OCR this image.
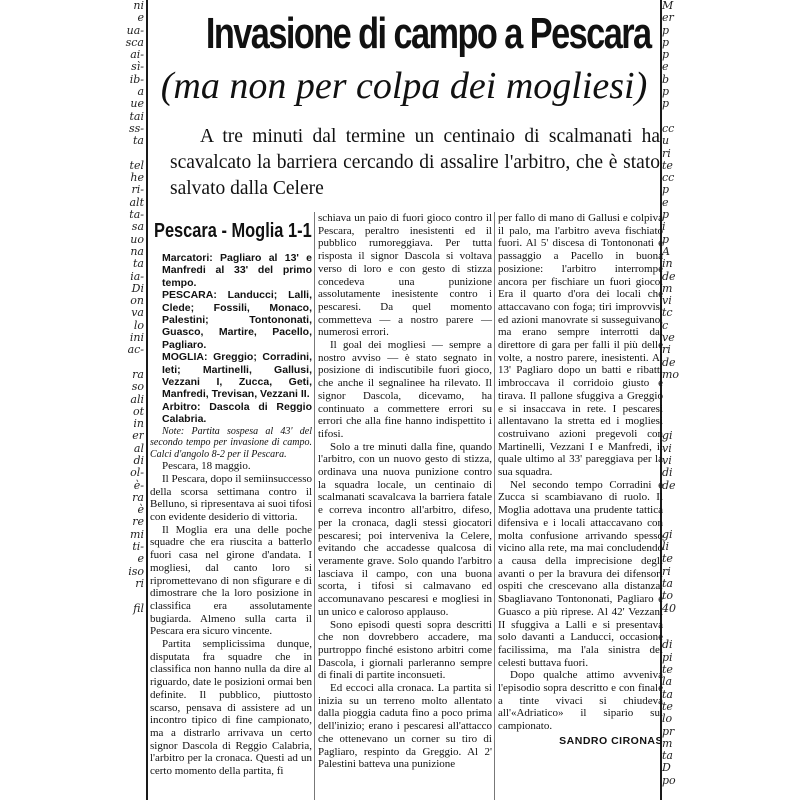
ni
e
ua-
sca
ai-
sì-
ib-
a
ue
tai
ss-
ta

tel
he
ri-
alt
ta-
sa
uo
na
ta
ia-
Di
on
va
lo
ini
ac-

ra
so
ali
ot
in
er
al
di
ol-
è-
ra
è
re
mi
ti-
e
iso
ri

fil
M
er
p
p
p
e
b
p
p

cc
u
ri
te
cc
p
e
p
i
p
A
in
de
m
vi
tc
c
ve
ri
de
mo

gi
vi
vi
di
de

gi
li
te
ri
ta
to
40

di
pi
te
la
ta
te
lo
pr
m
ta
D
po
Invasione di campo a Pescara
(ma non per colpa dei mogliesi)
A tre minuti dal termine un centinaio di scalmanati ha scavalcato la barriera cercando di assalire l'arbitro, che è stato salvato dalla Celere
Pescara - Moglia 1-1

Marcatori: Pagliaro al 13' e Manfredi al 33' del primo tempo.

PESCARA: Landucci; Lalli, Clede; Fossili, Monaco, Palestini; Tontononati, Guasco, Martire, Pacello, Pagliaro.

MOGLIA: Greggio; Corradini, Ieti; Martinelli, Gallusi, Vezzani I, Zucca, Geti, Manfredi, Trevisan, Vezzani II.

Arbitro: Dascola di Reggio Calabria.

Note: Partita sospesa al 43' del secondo tempo per invasione di campo. Calci d'angolo 8-2 per il Pescara.

Pescara, 18 maggio.

Il Pescara, dopo il semiinsuccesso della scorsa settimana contro il Belluno, si ripresentava ai suoi tifosi con evidente desiderio di vittoria.

Il Moglia era una delle poche squadre che era riuscita a batterlo fuori casa nel girone d'andata. I mogliesi, dal canto loro si ripromettevano di non sfigurare e di dimostrare che la loro posizione in classifica era assolutamente bugiarda. Almeno sulla carta il Pescara era sicuro vincente.

Partita semplicissima dunque, disputata fra squadre che in classifica non hanno nulla da dire al riguardo, date le posizioni ormai ben definite. Il pubblico, piuttosto scarso, pensava di assistere ad un incontro tipico di fine campionato, ma a distrarlo arrivava un certo signor Dascola di Reggio Calabria, l'arbitro per la cronaca. Questi ad un certo momento della partita, fi

schiava un paio di fuori gioco contro il Pescara, peraltro inesistenti ed il pubblico rumoreggiava. Per tutta risposta il signor Dascola si voltava verso di loro e con gesto di stizza concedeva una punizione assolutamente inesistente contro i pescaresi. Da quel momento commetteva — a nostro parere — numerosi errori.

Il goal dei mogliesi — sempre a nostro avviso — è stato segnato in posizione di indiscutibile fuori gioco, che anche il segnalinee ha rilevato. Il signor Dascola, dicevamo, ha continuato a commettere errori su errori che alla fine hanno indispettito i tifosi.

Solo a tre minuti dalla fine, quando l'arbitro, con un nuovo gesto di stizza, ordinava una nuova punizione contro la squadra locale, un centinaio di scalmanati scavalcava la barriera fatale e correva incontro all'arbitro, difeso, per la cronaca, dagli stessi giocatori pescaresi; poi interveniva la Celere, evitando che accadesse qualcosa di veramente grave. Solo quando l'arbitro lasciava il campo, con una buona scorta, i tifosi si calmavano ed accomunavano pescaresi e mogliesi in un unico e caloroso applauso.

Sono episodi questi sopra descritti che non dovrebbero accadere, ma purtroppo finché esistono arbitri come Dascola, i giornali parleranno sempre di finali di partite inconsueti.

Ed eccoci alla cronaca. La partita si inizia su un terreno molto allentato dalla pioggia caduta fino a poco prima dell'inizio; erano i pescaresi all'attacco che ottenevano un corner su tiro di Pagliaro, respinto da Greggio. Al 2' Palestini batteva una punizione

per fallo di mano di Gallusi e colpiva il palo, ma l'arbitro aveva fischiato fuori. Al 5' discesa di Tontononati e passaggio a Pacello in buona posizione: l'arbitro interrompe ancora per fischiare un fuori gioco. Era il quarto d'ora dei locali che attaccavano con foga; tiri improvvisi ed azioni manovrate si susseguivano, ma erano sempre interrotti dal direttore di gara per falli il più delle volte, a nostro parere, inesistenti. Al 13' Pagliaro dopo un batti e ribatti imbroccava il corridoio giusto e tirava. Il pallone sfuggiva a Greggio e si insaccava in rete. I pescaresi allentavano la stretta ed i mogliesi costruivano azioni pregevoli con Martinelli, Vezzani I e Manfredi, il quale ultimo al 33' pareggiava per la sua squadra.

Nel secondo tempo Corradini e Zucca si scambiavano di ruolo. Il Moglia adottava una prudente tattica difensiva e i locali attaccavano con molta confusione arrivando spesso vicino alla rete, ma mai concludendo a causa della imprecisione degli avanti o per la bravura dei difensori ospiti che crescevano alla distanza. Sbagliavano Tontononati, Pagliaro e Guasco a più riprese. Al 42' Vezzani II sfuggiva a Lalli e si presentava solo davanti a Landucci, occasione facilissima, ma l'ala sinistra dei celesti buttava fuori.

Dopo qualche attimo avveniva l'episodio sopra descritto e con finale a tinte vivaci si chiudeva all'«Adriatico» il sipario sul campionato.

SANDRO CIRONAS
